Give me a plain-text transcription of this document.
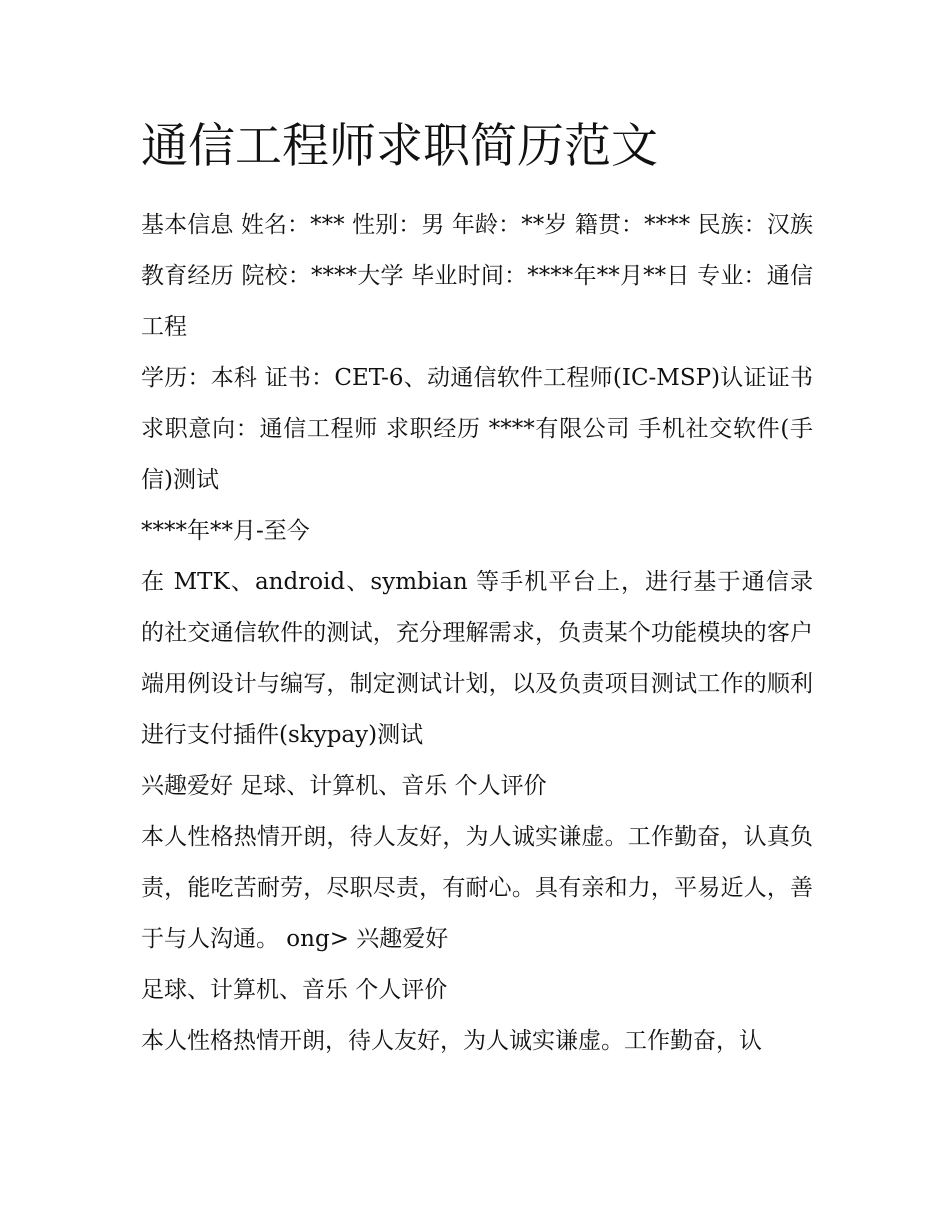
通信工程师求职简历范文

基本信息 姓名：*** 性别：男 年龄：**岁 籍贯：**** 民族：汉族 教育经历 院校：****大学 毕业时间：****年**月**日 专业：通信工程

学历：本科 证书：CET-6、动通信软件工程师(IC-MSP)认证证书 求职意向：通信工程师 求职经历 ****有限公司 手机社交软件(手信)测试

****年**月-至今

在 MTK、android、symbian 等手机平台上，进行基于通信录的社交通信软件的测试，充分理解需求，负责某个功能模块的客户端用例设计与编写，制定测试计划，以及负责项目测试工作的顺利进行支付插件(skypay)测试

兴趣爱好 足球、计算机、音乐 个人评价

本人性格热情开朗，待人友好，为人诚实谦虚。工作勤奋，认真负责，能吃苦耐劳，尽职尽责，有耐心。具有亲和力，平易近人，善于与人沟通。 ong> 兴趣爱好

足球、计算机、音乐 个人评价

本人性格热情开朗，待人友好，为人诚实谦虚。工作勤奋，认
